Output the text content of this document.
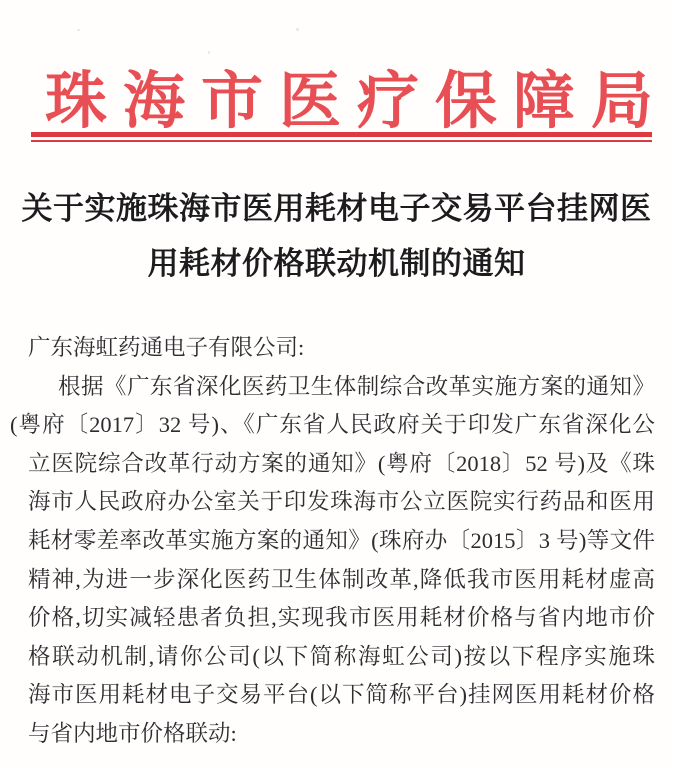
珠 海 市 医 疗 保 障 局
关于实施珠海市医用耗材电子交易平台挂网医
用耗材价格联动机制的通知
广东海虹药通电子有限公司:
根据《广东省深化医药卫生体制综合改革实施方案的通知》
(粤府〔2017〕32 号)、《广东省人民政府关于印发广东省深化公
立医院综合改革行动方案的通知》(粤府〔2018〕52 号)及《珠
海市人民政府办公室关于印发珠海市公立医院实行药品和医用
耗材零差率改革实施方案的通知》(珠府办〔2015〕3 号)等文件
精神,为进一步深化医药卫生体制改革,降低我市医用耗材虚高
价格,切实减轻患者负担,实现我市医用耗材价格与省内地市价
格联动机制,请你公司(以下简称海虹公司)按以下程序实施珠
海市医用耗材电子交易平台(以下简称平台)挂网医用耗材价格
与省内地市价格联动:
